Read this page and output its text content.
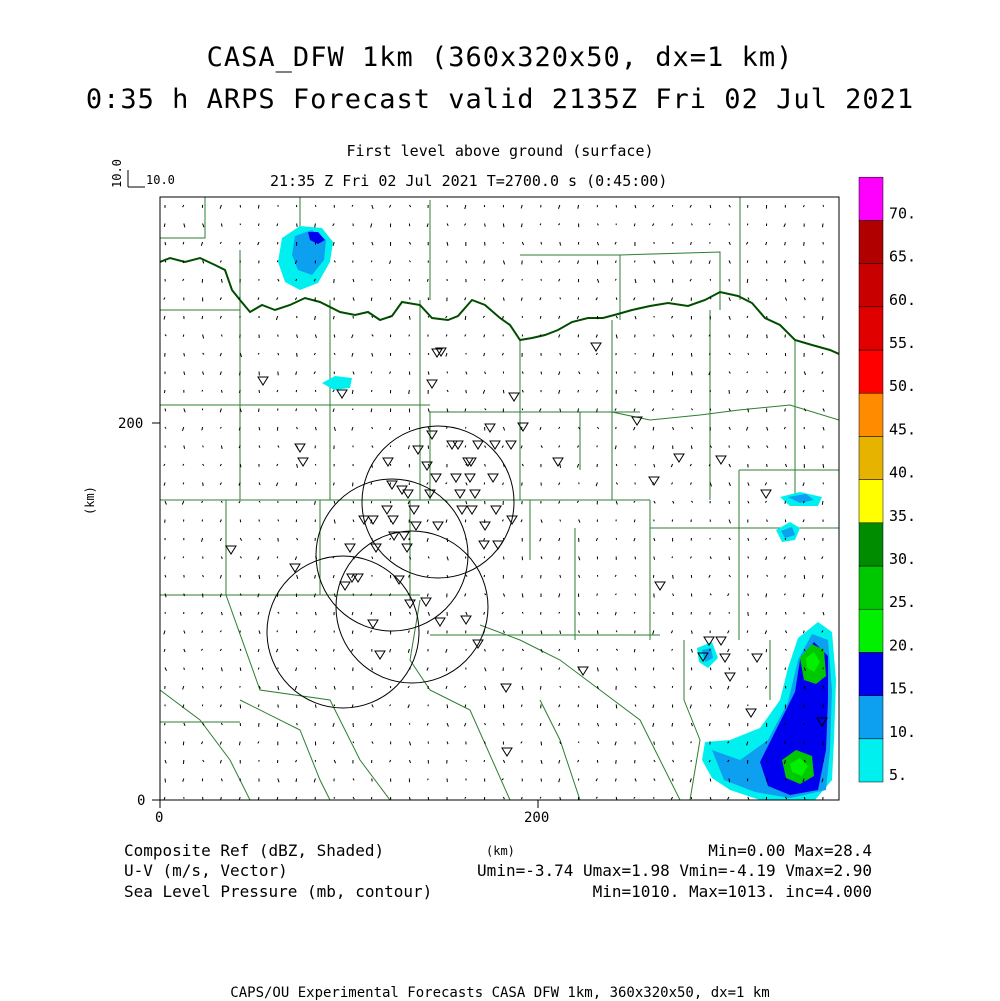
CASA_DFW 1km (360x320x50, dx=1 km)
0:35 h ARPS Forecast valid 2135Z Fri 02 Jul 2021
First level above ground (surface)
21:35 Z Fri 02 Jul 2021 T=2700.0 s (0:45:00)
10.0
10.0
0	200
0
200
(km)
5.
10.
15.
20.
25.
30.
35.
40.
45.
50.
55.
60.
65.
70.
Composite Ref (dBZ, Shaded)
U-V (m/s, Vector)
Sea Level Pressure (mb, contour)
(km)	Min=0.00 Max=28.4
Umin=-3.74 Umax=1.98 Vmin=-4.19 Vmax=2.90
Min=1010. Max=1013. inc=4.000
CAPS/OU Experimental Forecasts CASA DFW 1km, 360x320x50, dx=1 km
